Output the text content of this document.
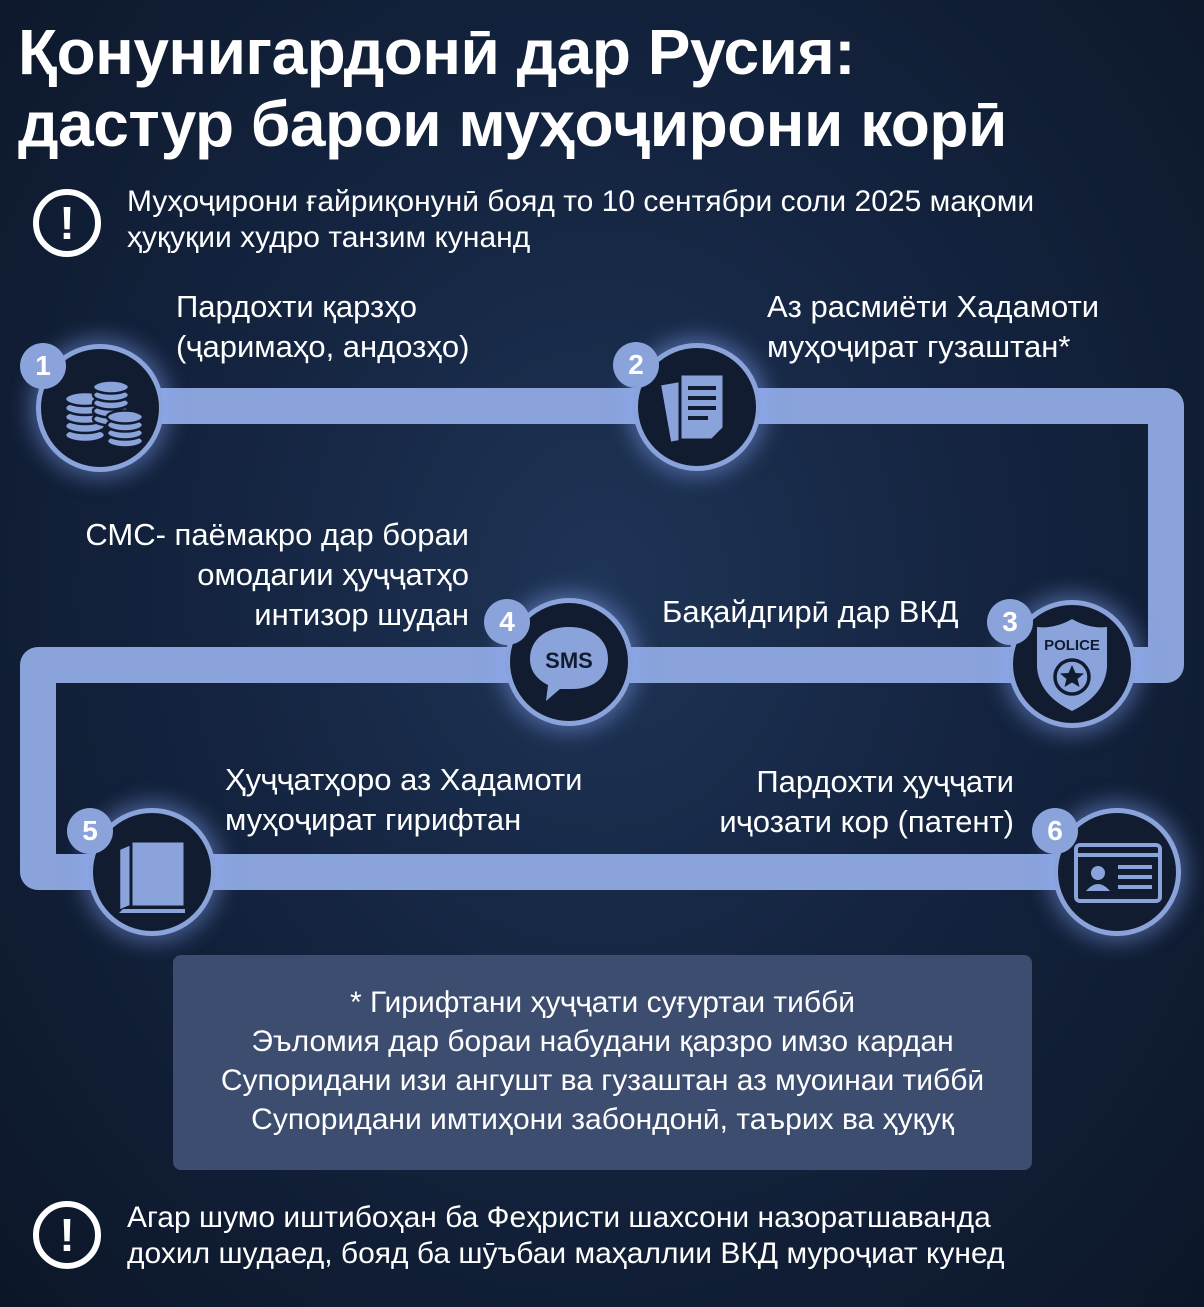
Қонунигардонӣ дар Русия:
дастур барои муҳоҷирони корӣ
!	Муҳоҷирони ғайриқонунӣ бояд то 10 сентябри соли 2025 мақоми
ҳуқуқии худро танзим кунанд
1
Пардохти қарзҳо
(ҷаримаҳо, андозҳо)
2
Аз расмиёти Хадамоти
муҳоҷират гузаштан*
POLICE
3
Бақайдгирӣ дар ВКД
SMS
4
СМС- паёмакро дар бораи
омодагии ҳуҷҷатҳо
интизор шудан
5
Ҳуҷҷатҳоро аз Хадамоти
муҳоҷират гирифтан	6
Пардохти ҳуҷҷати
иҷозати кор (патент)
* Гирифтани ҳуҷҷати суғуртаи тиббӣ
Эъломия дар бораи набудани қарзро имзо кардан
Супоридани изи ангушт ва гузаштан аз муоинаи тиббӣ
Супоридани имтиҳони забондонӣ, таърих ва ҳуқуқ
!	Агар шумо иштибоҳан ба Феҳристи шахсони назоратшаванда
дохил шудаед, бояд ба шӯъбаи маҳаллии ВКД муроҷиат кунед
